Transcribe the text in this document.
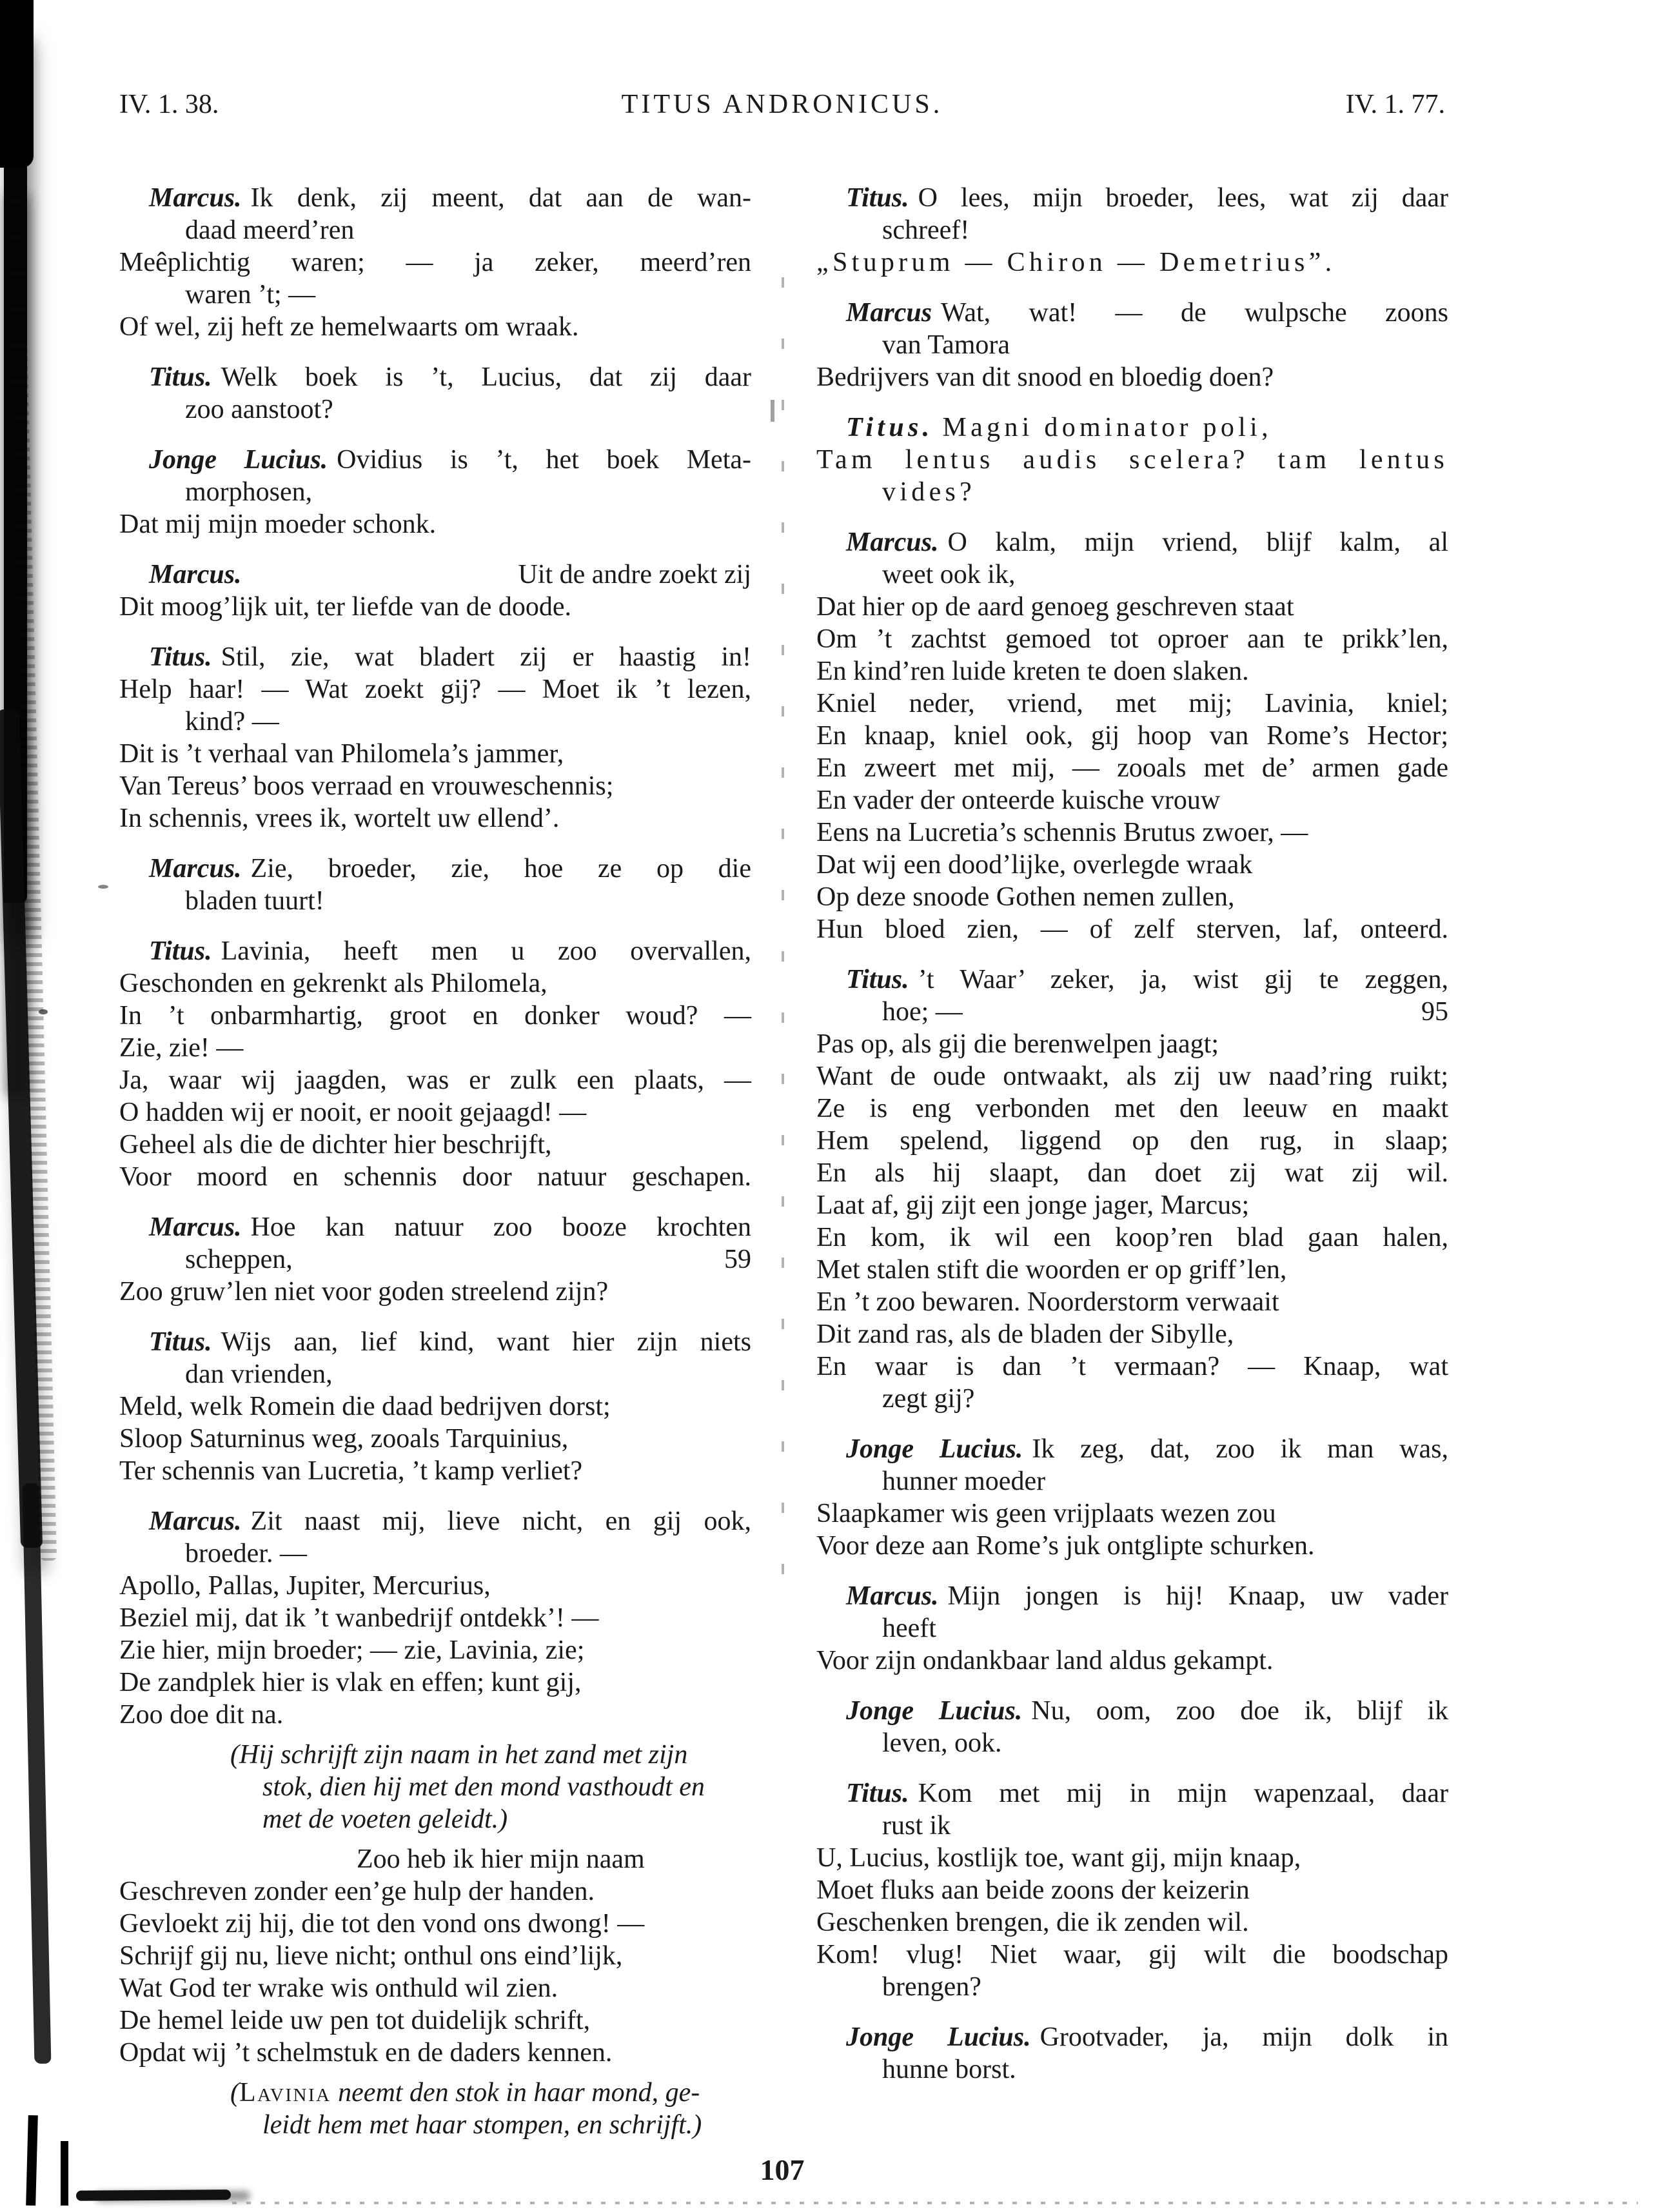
IV. 1. 38.	TITUS ANDRONICUS.	IV. 1. 77.
Marcus. Ik denk, zij meent, dat aan de wan-
daad meerd’ren
Meêplichtig waren; — ja zeker, meerd’ren
waren ’t; —
Of wel, zij heft ze hemelwaarts om wraak.
Titus. Welk boek is ’t, Lucius, dat zij daar
zoo aanstoot?
Jonge Lucius. Ovidius is ’t, het boek Meta-
morphosen,
Dat mij mijn moeder schonk.
Marcus.	Uit de andre zoekt zij
Dit moog’lijk uit, ter liefde van de doode.
Titus. Stil, zie, wat bladert zij er haastig in!
Help haar! — Wat zoekt gij? — Moet ik ’t lezen,
kind? —
Dit is ’t verhaal van Philomela’s jammer,
Van Tereus’ boos verraad en vrouweschennis;
In schennis, vrees ik, wortelt uw ellend’.
Marcus. Zie, broeder, zie, hoe ze op die
bladen tuurt!
Titus. Lavinia, heeft men u zoo overvallen,
Geschonden en gekrenkt als Philomela,
In ’t onbarmhartig, groot en donker woud? —
Zie, zie! —
Ja, waar wij jaagden, was er zulk een plaats, —
O hadden wij er nooit, er nooit gejaagd! —
Geheel als die de dichter hier beschrijft,
Voor moord en schennis door natuur geschapen.
Marcus. Hoe kan natuur zoo booze krochten
scheppen,	59
Zoo gruw’len niet voor goden streelend zijn?
Titus. Wijs aan, lief kind, want hier zijn niets
dan vrienden,
Meld, welk Romein die daad bedrijven dorst;
Sloop Saturninus weg, zooals Tarquinius,
Ter schennis van Lucretia, ’t kamp verliet?
Marcus. Zit naast mij, lieve nicht, en gij ook,
broeder. —
Apollo, Pallas, Jupiter, Mercurius,
Beziel mij, dat ik ’t wanbedrijf ontdekk’! —
Zie hier, mijn broeder; — zie, Lavinia, zie;
De zandplek hier is vlak en effen; kunt gij,
Zoo doe dit na.
(Hij schrijft zijn naam in het zand met zijn
stok, dien hij met den mond vasthoudt en
met de voeten geleidt.)
Zoo heb ik hier mijn naam
Geschreven zonder een’ge hulp der handen.
Gevloekt zij hij, die tot den vond ons dwong! —
Schrijf gij nu, lieve nicht; onthul ons eind’lijk,
Wat God ter wrake wis onthuld wil zien.
De hemel leide uw pen tot duidelijk schrift,
Opdat wij ’t schelmstuk en de daders kennen.
(Lavinia neemt den stok in haar mond, ge-
leidt hem met haar stompen, en schrijft.)
Titus. O lees, mijn broeder, lees, wat zij daar
schreef!
„Stuprum — Chiron — Demetrius”.
Marcus Wat, wat! — de wulpsche zoons
van Tamora
Bedrijvers van dit snood en bloedig doen?
Titus. Magni dominator poli,
Tam lentus audis scelera? tam lentus
vides?
Marcus. O kalm, mijn vriend, blijf kalm, al
weet ook ik,
Dat hier op de aard genoeg geschreven staat
Om ’t zachtst gemoed tot oproer aan te prikk’len,
En kind’ren luide kreten te doen slaken.
Kniel neder, vriend, met mij; Lavinia, kniel;
En knaap, kniel ook, gij hoop van Rome’s Hector;
En zweert met mij, — zooals met de’ armen gade
En vader der onteerde kuische vrouw
Eens na Lucretia’s schennis Brutus zwoer, —
Dat wij een dood’lijke, overlegde wraak
Op deze snoode Gothen nemen zullen,
Hun bloed zien, — of zelf sterven, laf, onteerd.
Titus. ’t Waar’ zeker, ja, wist gij te zeggen,
hoe; —	95
Pas op, als gij die berenwelpen jaagt;
Want de oude ontwaakt, als zij uw naad’ring ruikt;
Ze is eng verbonden met den leeuw en maakt
Hem spelend, liggend op den rug, in slaap;
En als hij slaapt, dan doet zij wat zij wil.
Laat af, gij zijt een jonge jager, Marcus;
En kom, ik wil een koop’ren blad gaan halen,
Met stalen stift die woorden er op griff’len,
En ’t zoo bewaren. Noorderstorm verwaait
Dit zand ras, als de bladen der Sibylle,
En waar is dan ’t vermaan? — Knaap, wat
zegt gij?
Jonge Lucius. Ik zeg, dat, zoo ik man was,
hunner moeder
Slaapkamer wis geen vrijplaats wezen zou
Voor deze aan Rome’s juk ontglipte schurken.
Marcus. Mijn jongen is hij! Knaap, uw vader
heeft
Voor zijn ondankbaar land aldus gekampt.
Jonge Lucius. Nu, oom, zoo doe ik, blijf ik
leven, ook.
Titus. Kom met mij in mijn wapenzaal, daar
rust ik
U, Lucius, kostlijk toe, want gij, mijn knaap,
Moet fluks aan beide zoons der keizerin
Geschenken brengen, die ik zenden wil.
Kom! vlug! Niet waar, gij wilt die boodschap
brengen?
Jonge Lucius. Grootvader, ja, mijn dolk in
hunne borst.
107
